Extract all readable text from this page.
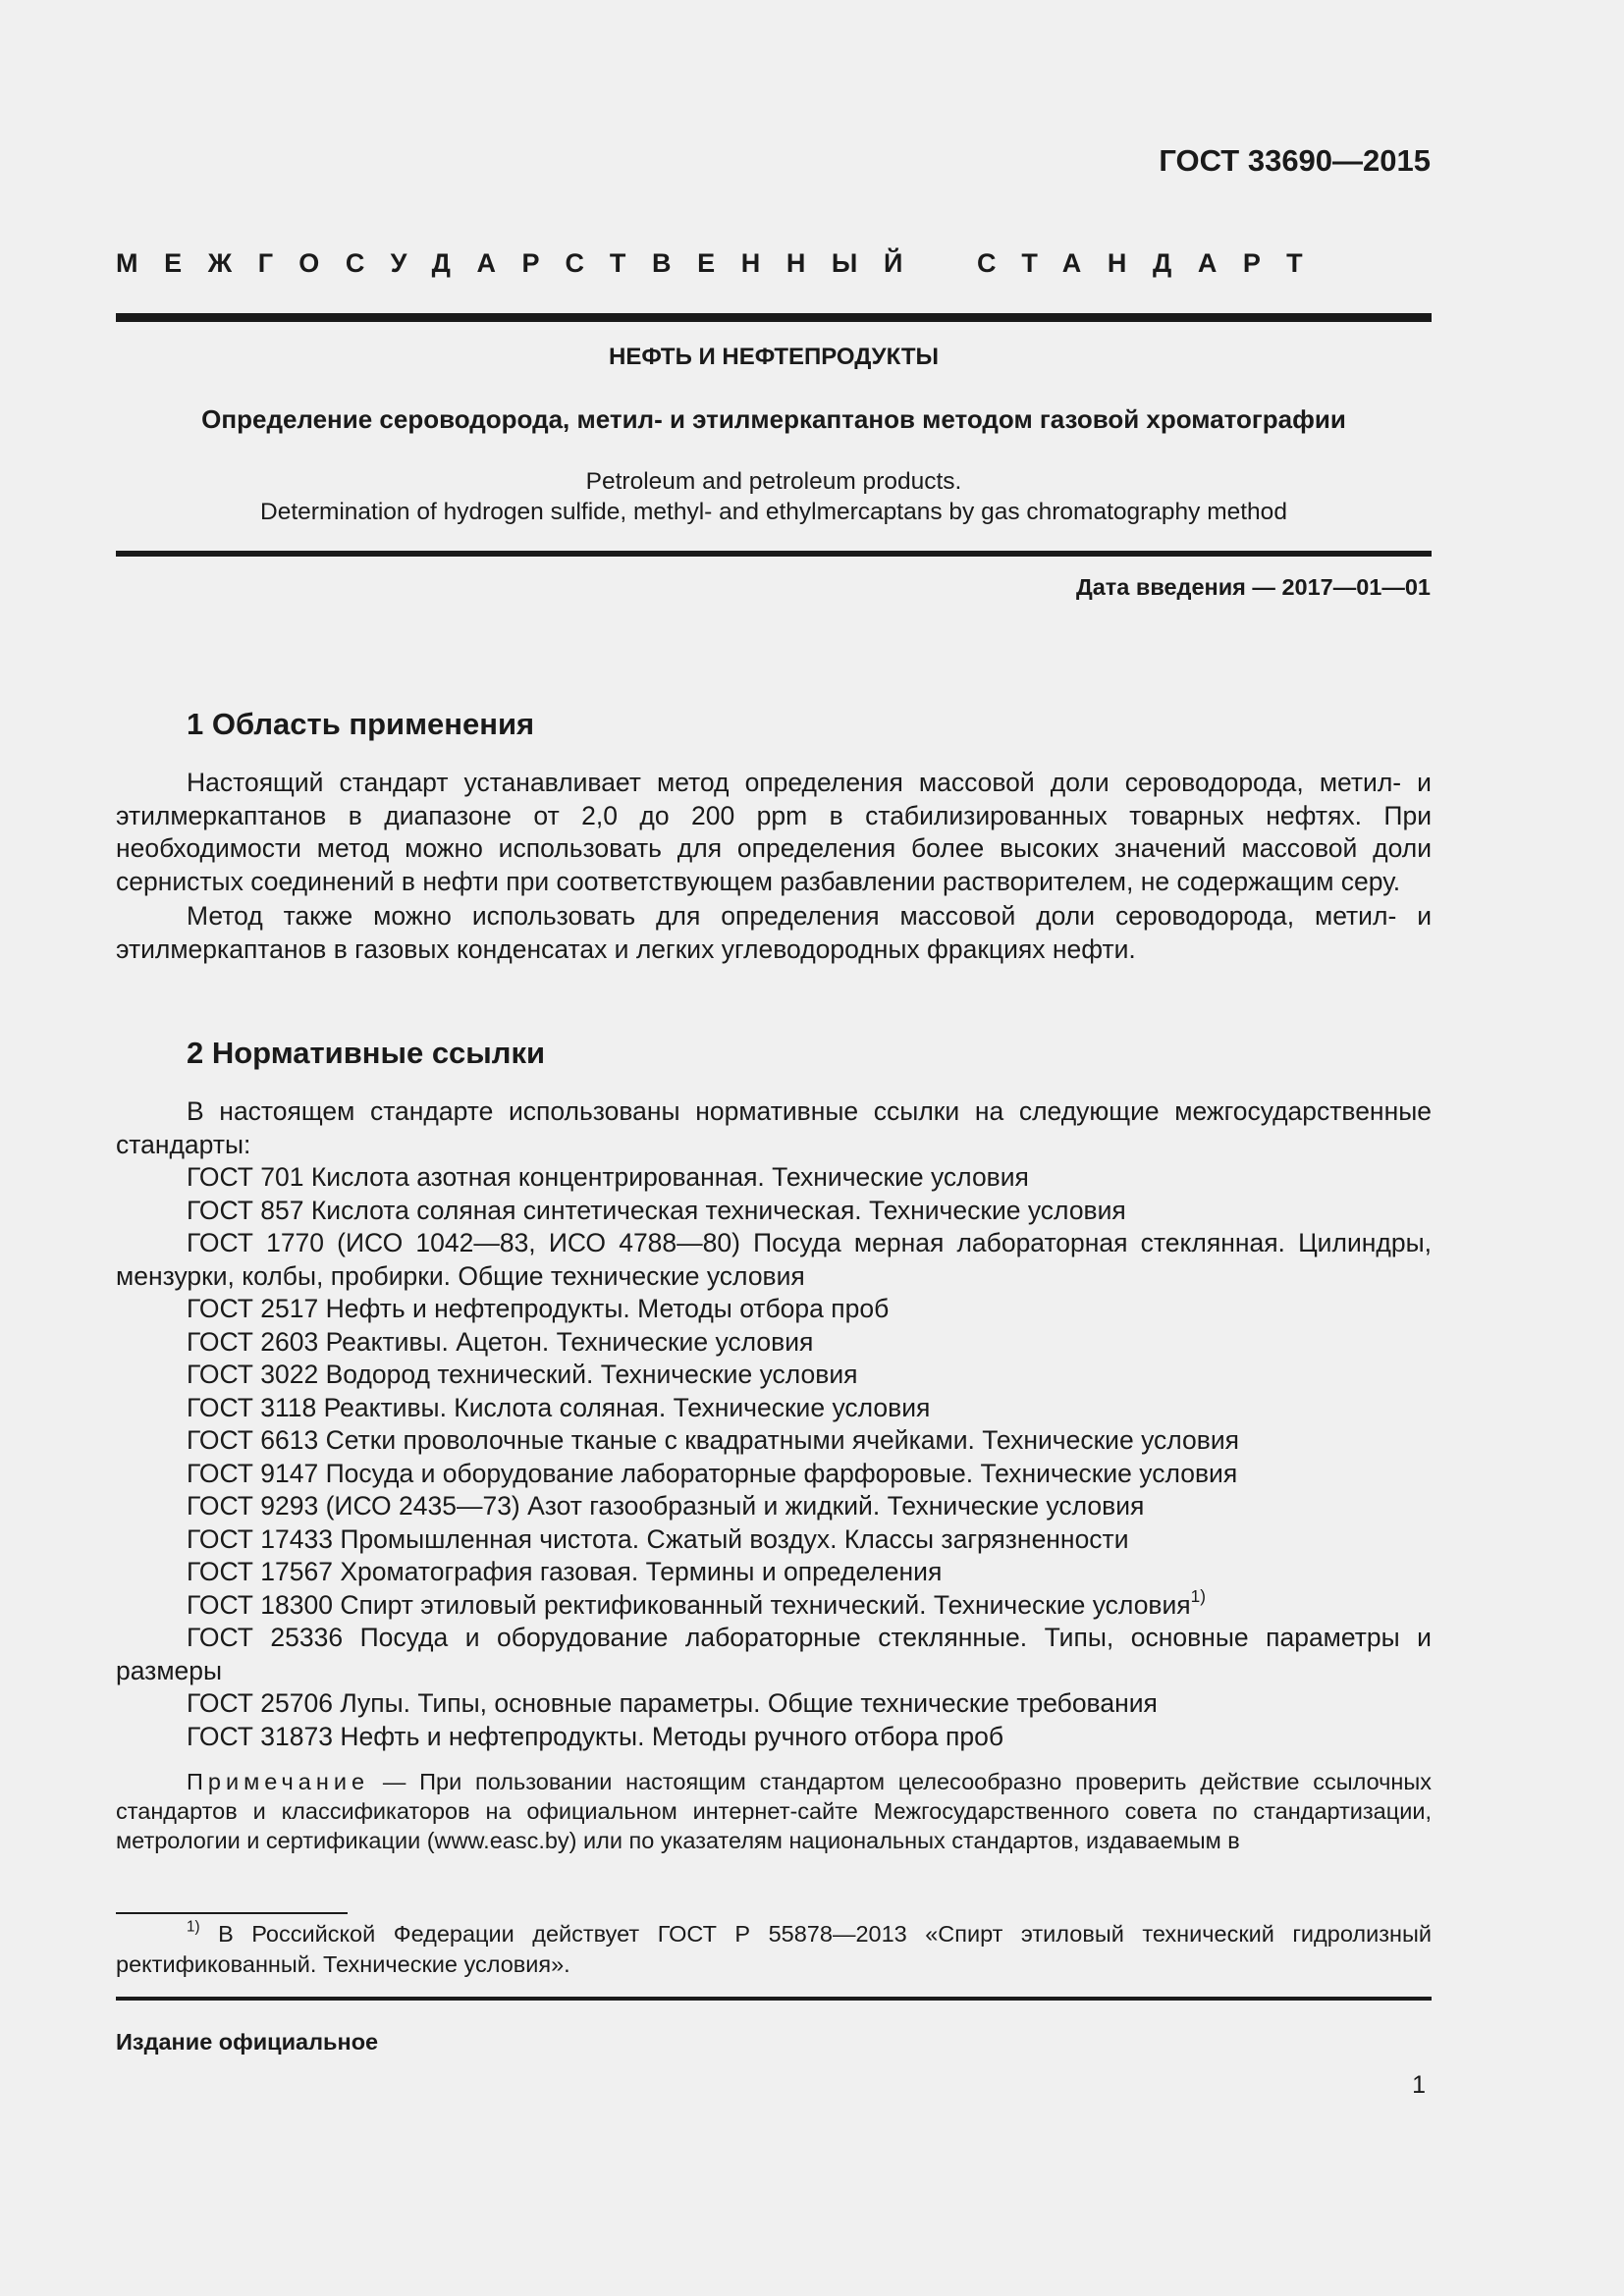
ГОСТ 33690—2015
МЕЖГОСУДАРСТВЕННЫЙ СТАНДАРТ
НЕФТЬ И НЕФТЕПРОДУКТЫ
Определение сероводорода, метил- и этилмеркаптанов методом газовой хроматографии
Petroleum and petroleum products.
Determination of hydrogen sulfide, methyl- and ethylmercaptans by gas chromatography method
Дата введения — 2017—01—01
1 Область применения

Настоящий стандарт устанавливает метод определения массовой доли сероводорода, метил- и этилмеркаптанов в диапазоне от 2,0 до 200 ppm в стабилизированных товарных нефтях. При необходимости метод можно использовать для определения более высоких значений массовой доли сернистых соединений в нефти при соответствующем разбавлении растворителем, не содержащим серу.

Метод также можно использовать для определения массовой доли сероводорода, метил- и этилмеркаптанов в газовых конденсатах и легких углеводородных фракциях нефти.

2 Нормативные ссылки

В настоящем стандарте использованы нормативные ссылки на следующие межгосударственные стандарты:

ГОСТ 701 Кислота азотная концентрированная. Технические условия

ГОСТ 857 Кислота соляная синтетическая техническая. Технические условия

ГОСТ 1770 (ИСО 1042—83, ИСО 4788—80) Посуда мерная лабораторная стеклянная. Цилиндры, мензурки, колбы, пробирки. Общие технические условия

ГОСТ 2517 Нефть и нефтепродукты. Методы отбора проб

ГОСТ 2603 Реактивы. Ацетон. Технические условия

ГОСТ 3022 Водород технический. Технические условия

ГОСТ 3118 Реактивы. Кислота соляная. Технические условия

ГОСТ 6613 Сетки проволочные тканые с квадратными ячейками. Технические условия

ГОСТ 9147 Посуда и оборудование лабораторные фарфоровые. Технические условия

ГОСТ 9293 (ИСО 2435—73) Азот газообразный и жидкий. Технические условия

ГОСТ 17433 Промышленная чистота. Сжатый воздух. Классы загрязненности

ГОСТ 17567 Хроматография газовая. Термины и определения

ГОСТ 18300 Спирт этиловый ректификованный технический. Технические условия$^{1)}$

ГОСТ 25336 Посуда и оборудование лабораторные стеклянные. Типы, основные параметры и размеры

ГОСТ 25706 Лупы. Типы, основные параметры. Общие технические требования

ГОСТ 31873 Нефть и нефтепродукты. Методы ручного отбора проб

Примечание — При пользовании настоящим стандартом целесообразно проверить действие ссылочных стандартов и классификаторов на официальном интернет-сайте Межгосударственного совета по стандартизации, метрологии и сертификации (www.easc.by) или по указателям национальных стандартов, издаваемым в
$^{1)}$ В Российской Федерации действует ГОСТ Р 55878—2013 «Спирт этиловый технический гидролизный ректификованный. Технические условия».
Издание официальное
1
